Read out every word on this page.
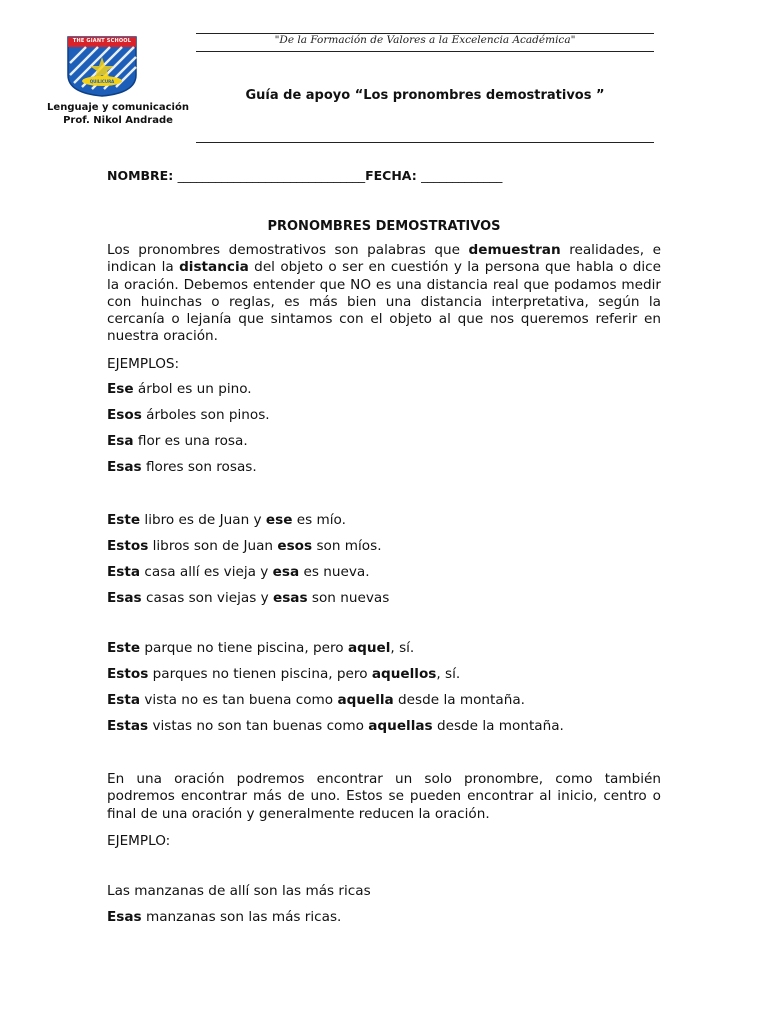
THE GIANT SCHOOL
QUILICURA
Lenguaje y comunicación
Prof. Nikol Andrade
"De la Formación de Valores a la Excelencia Académica"
Guía de apoyo “Los pronombres demostrativos ”
NOMBRE: ______________________________FECHA: _____________
PRONOMBRES DEMOSTRATIVOS
Los pronombres demostrativos son palabras que demuestran realidades, e indican la distancia del objeto o ser en cuestión y la persona que habla o dice la oración. Debemos entender que NO es una distancia real que podamos medir con huinchas o reglas, es más bien una distancia interpretativa, según la cercanía o lejanía que sintamos con el objeto al que nos queremos referir en nuestra oración.
EJEMPLOS:
Ese árbol es un pino.
Esos árboles son pinos.
Esa flor es una rosa.
Esas flores son rosas.
Este libro es de Juan y ese es mío.
Estos libros son de Juan esos son míos.
Esta casa allí es vieja y esa es nueva.
Esas casas son viejas y esas son nuevas
Este parque no tiene piscina, pero aquel, sí.
Estos parques no tienen piscina, pero aquellos, sí.
Esta vista no es tan buena como aquella desde la montaña.
Estas vistas no son tan buenas como aquellas desde la montaña.
En una oración podremos encontrar un solo pronombre, como también podremos encontrar más de uno. Estos se pueden encontrar al inicio, centro o final de una oración y generalmente reducen la oración.
EJEMPLO:
Las manzanas de allí son las más ricas
Esas manzanas son las más ricas.
